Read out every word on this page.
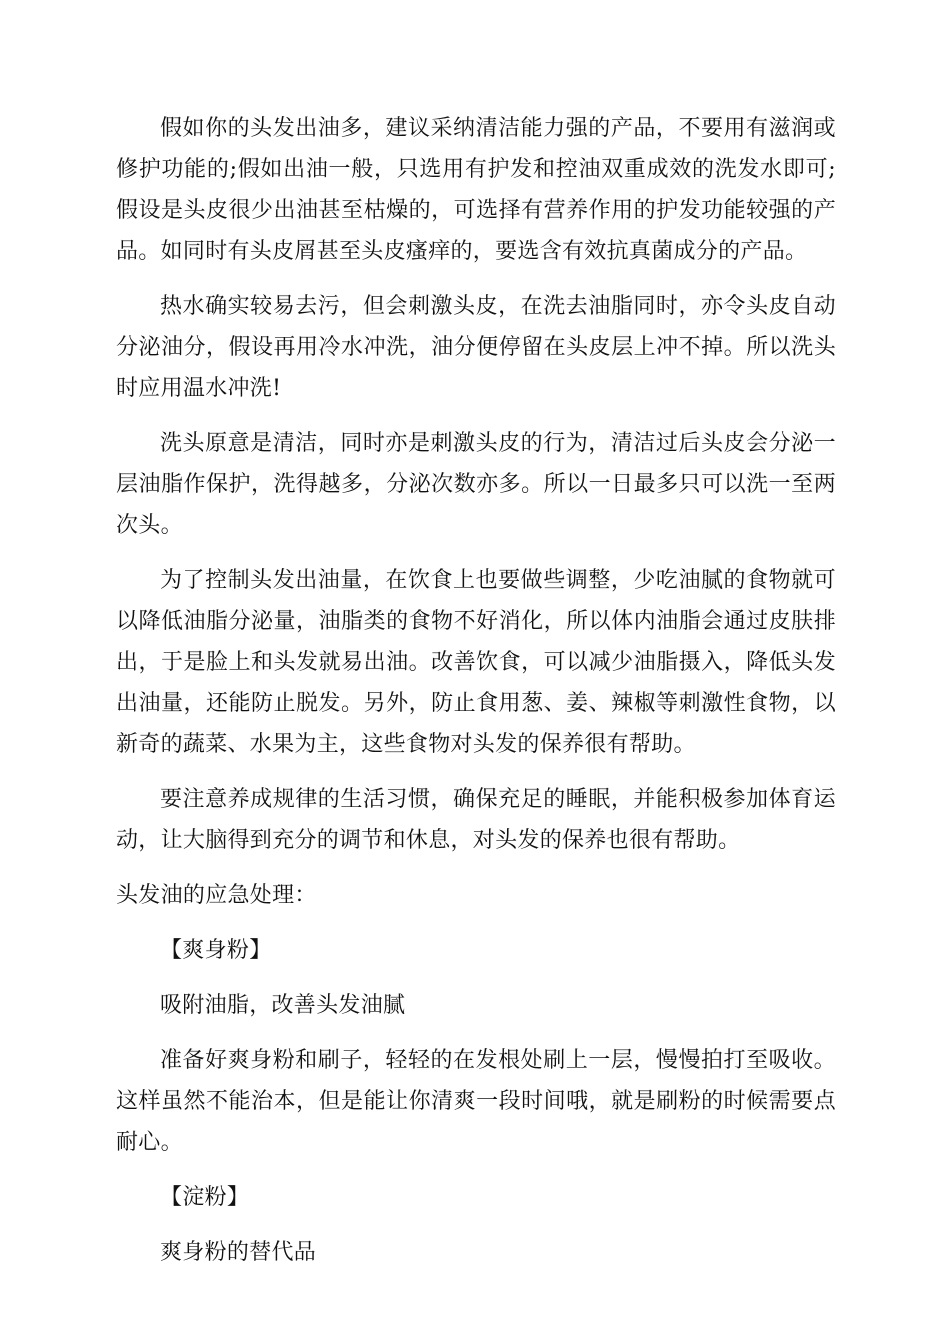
假如你的头发出油多，建议采纳清洁能力强的产品，不要用有滋润或修护功能的;假如出油一般，只选用有护发和控油双重成效的洗发水即可;假设是头皮很少出油甚至枯燥的，可选择有营养作用的护发功能较强的产品。如同时有头皮屑甚至头皮瘙痒的，要选含有效抗真菌成分的产品。

热水确实较易去污，但会刺激头皮，在洗去油脂同时，亦令头皮自动分泌油分，假设再用冷水冲洗，油分便停留在头皮层上冲不掉。所以洗头时应用温水冲洗!

洗头原意是清洁，同时亦是刺激头皮的行为，清洁过后头皮会分泌一层油脂作保护，洗得越多，分泌次数亦多。所以一日最多只可以洗一至两次头。

为了控制头发出油量，在饮食上也要做些调整，少吃油腻的食物就可以降低油脂分泌量，油脂类的食物不好消化，所以体内油脂会通过皮肤排出，于是脸上和头发就易出油。改善饮食，可以减少油脂摄入，降低头发出油量，还能防止脱发。另外，防止食用葱、姜、辣椒等刺激性食物，以新奇的蔬菜、水果为主，这些食物对头发的保养很有帮助。

要注意养成规律的生活习惯，确保充足的睡眠，并能积极参加体育运动，让大脑得到充分的调节和休息，对头发的保养也很有帮助。

头发油的应急处理：

【爽身粉】

吸附油脂，改善头发油腻

准备好爽身粉和刷子，轻轻的在发根处刷上一层，慢慢拍打至吸收。这样虽然不能治本，但是能让你清爽一段时间哦，就是刷粉的时候需要点耐心。

【淀粉】

爽身粉的替代品
